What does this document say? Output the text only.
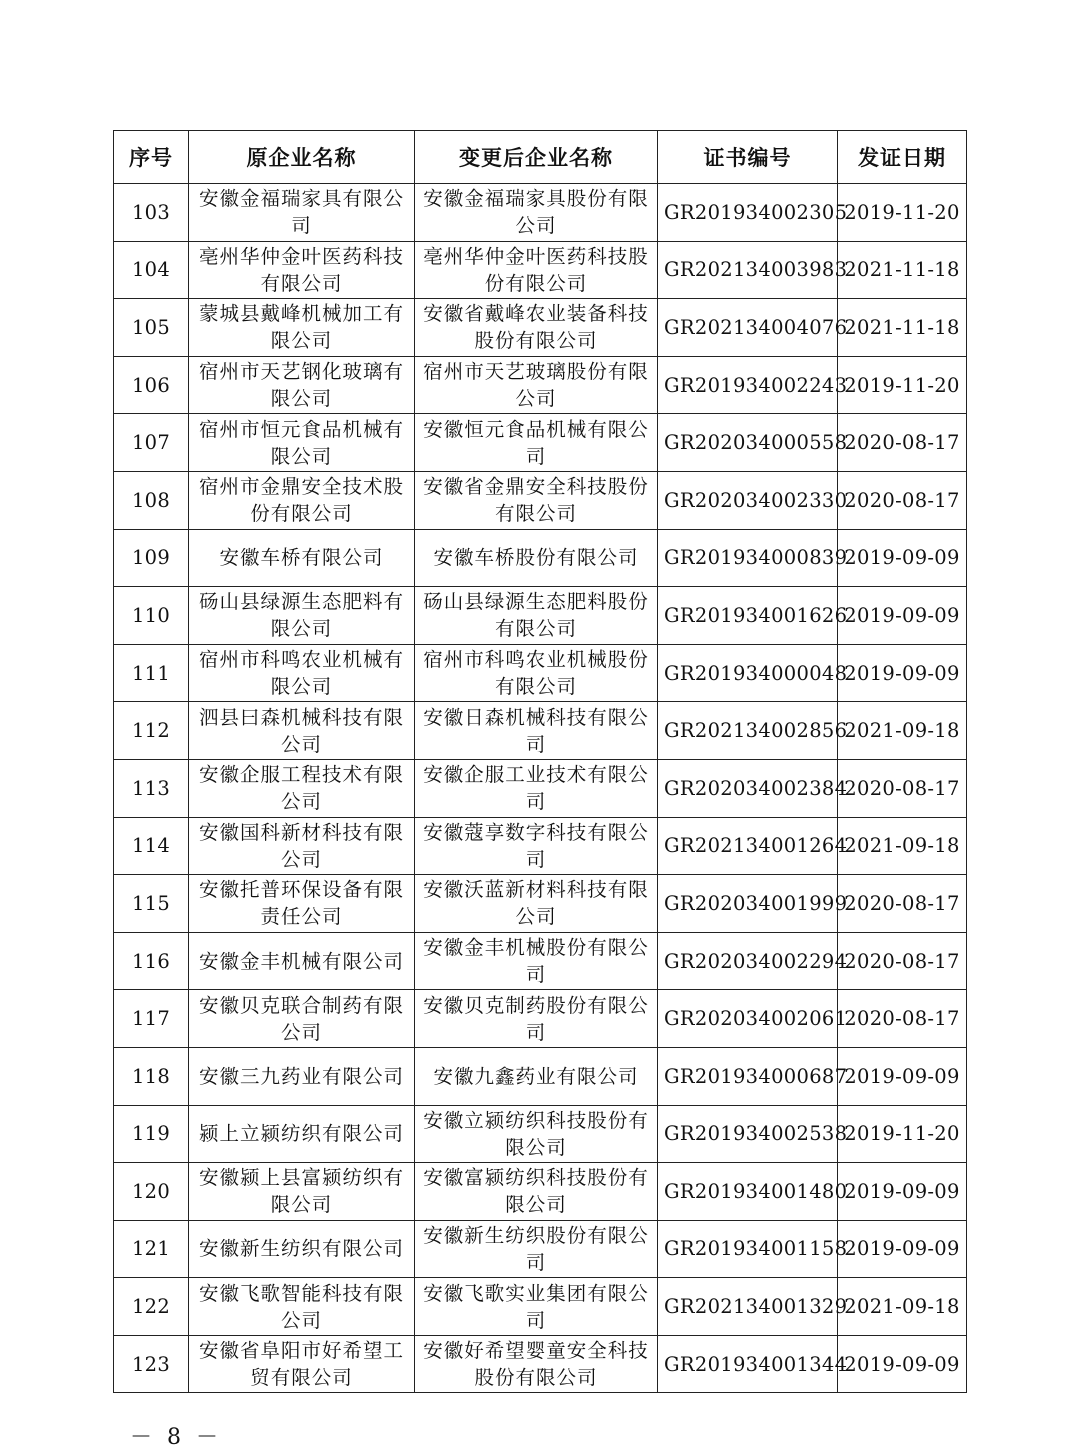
序号	原企业名称	变更后企业名称	证书编号	发证日期
103	安徽金福瑞家具有限公司	安徽金福瑞家具股份有限公司	GR201934002305	2019-11-20
104	亳州华仲金叶医药科技有限公司	亳州华仲金叶医药科技股份有限公司	GR202134003983	2021-11-18
105	蒙城县戴峰机械加工有限公司	安徽省戴峰农业装备科技股份有限公司	GR202134004076	2021-11-18
106	宿州市天艺钢化玻璃有限公司	宿州市天艺玻璃股份有限公司	GR201934002243	2019-11-20
107	宿州市恒元食品机械有限公司	安徽恒元食品机械有限公司	GR202034000558	2020-08-17
108	宿州市金鼎安全技术股份有限公司	安徽省金鼎安全科技股份有限公司	GR202034002330	2020-08-17
109	安徽车桥有限公司	安徽车桥股份有限公司	GR201934000839	2019-09-09
110	砀山县绿源生态肥料有限公司	砀山县绿源生态肥料股份有限公司	GR201934001626	2019-09-09
111	宿州市科鸣农业机械有限公司	宿州市科鸣农业机械股份有限公司	GR201934000048	2019-09-09
112	泗县曰森机械科技有限公司	安徽日森机械科技有限公司	GR202134002856	2021-09-18
113	安徽企服工程技术有限公司	安徽企服工业技术有限公司	GR202034002384	2020-08-17
114	安徽国科新材科技有限公司	安徽蔻享数字科技有限公司	GR202134001264	2021-09-18
115	安徽托普环保设备有限责任公司	安徽沃蓝新材料科技有限公司	GR202034001999	2020-08-17
116	安徽金丰机械有限公司	安徽金丰机械股份有限公司	GR202034002294	2020-08-17
117	安徽贝克联合制药有限公司	安徽贝克制药股份有限公司	GR202034002061	2020-08-17
118	安徽三九药业有限公司	安徽九鑫药业有限公司	GR201934000687	2019-09-09
119	颍上立颍纺织有限公司	安徽立颍纺织科技股份有限公司	GR201934002538	2019-11-20
120	安徽颍上县富颍纺织有限公司	安徽富颍纺织科技股份有限公司	GR201934001480	2019-09-09
121	安徽新生纺织有限公司	安徽新生纺织股份有限公司	GR201934001158	2019-09-09
122	安徽飞歌智能科技有限公司	安徽飞歌实业集团有限公司	GR202134001329	2021-09-18
123	安徽省阜阳市好希望工贸有限公司	安徽好希望婴童安全科技股份有限公司	GR201934001344	2019-09-09
－ 8 －
